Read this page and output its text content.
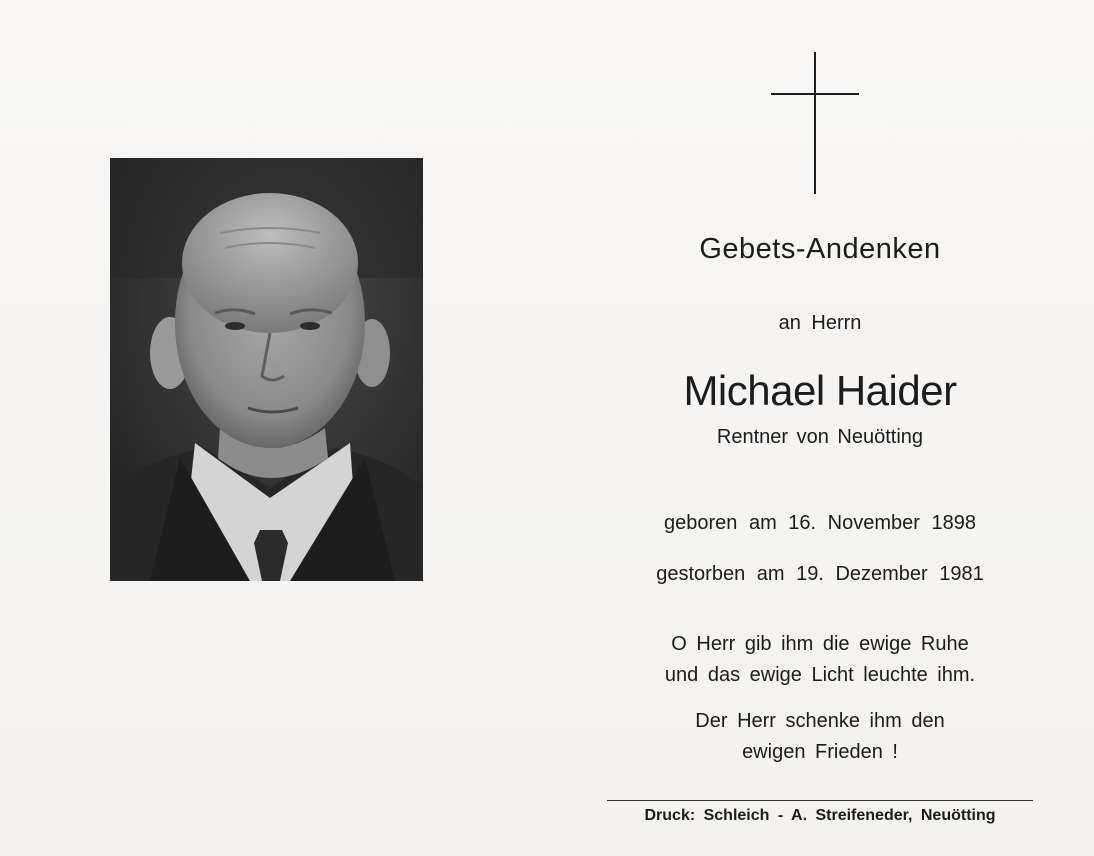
Gebets-Andenken
an Herrn
Michael Haider
Rentner von Neuötting
geboren am 16. November 1898
gestorben am 19. Dezember 1981
O Herr gib ihm die ewige Ruhe
und das ewige Licht leuchte ihm.
Der Herr schenke ihm den
ewigen Frieden !
Druck: Schleich - A. Streifeneder, Neuötting
